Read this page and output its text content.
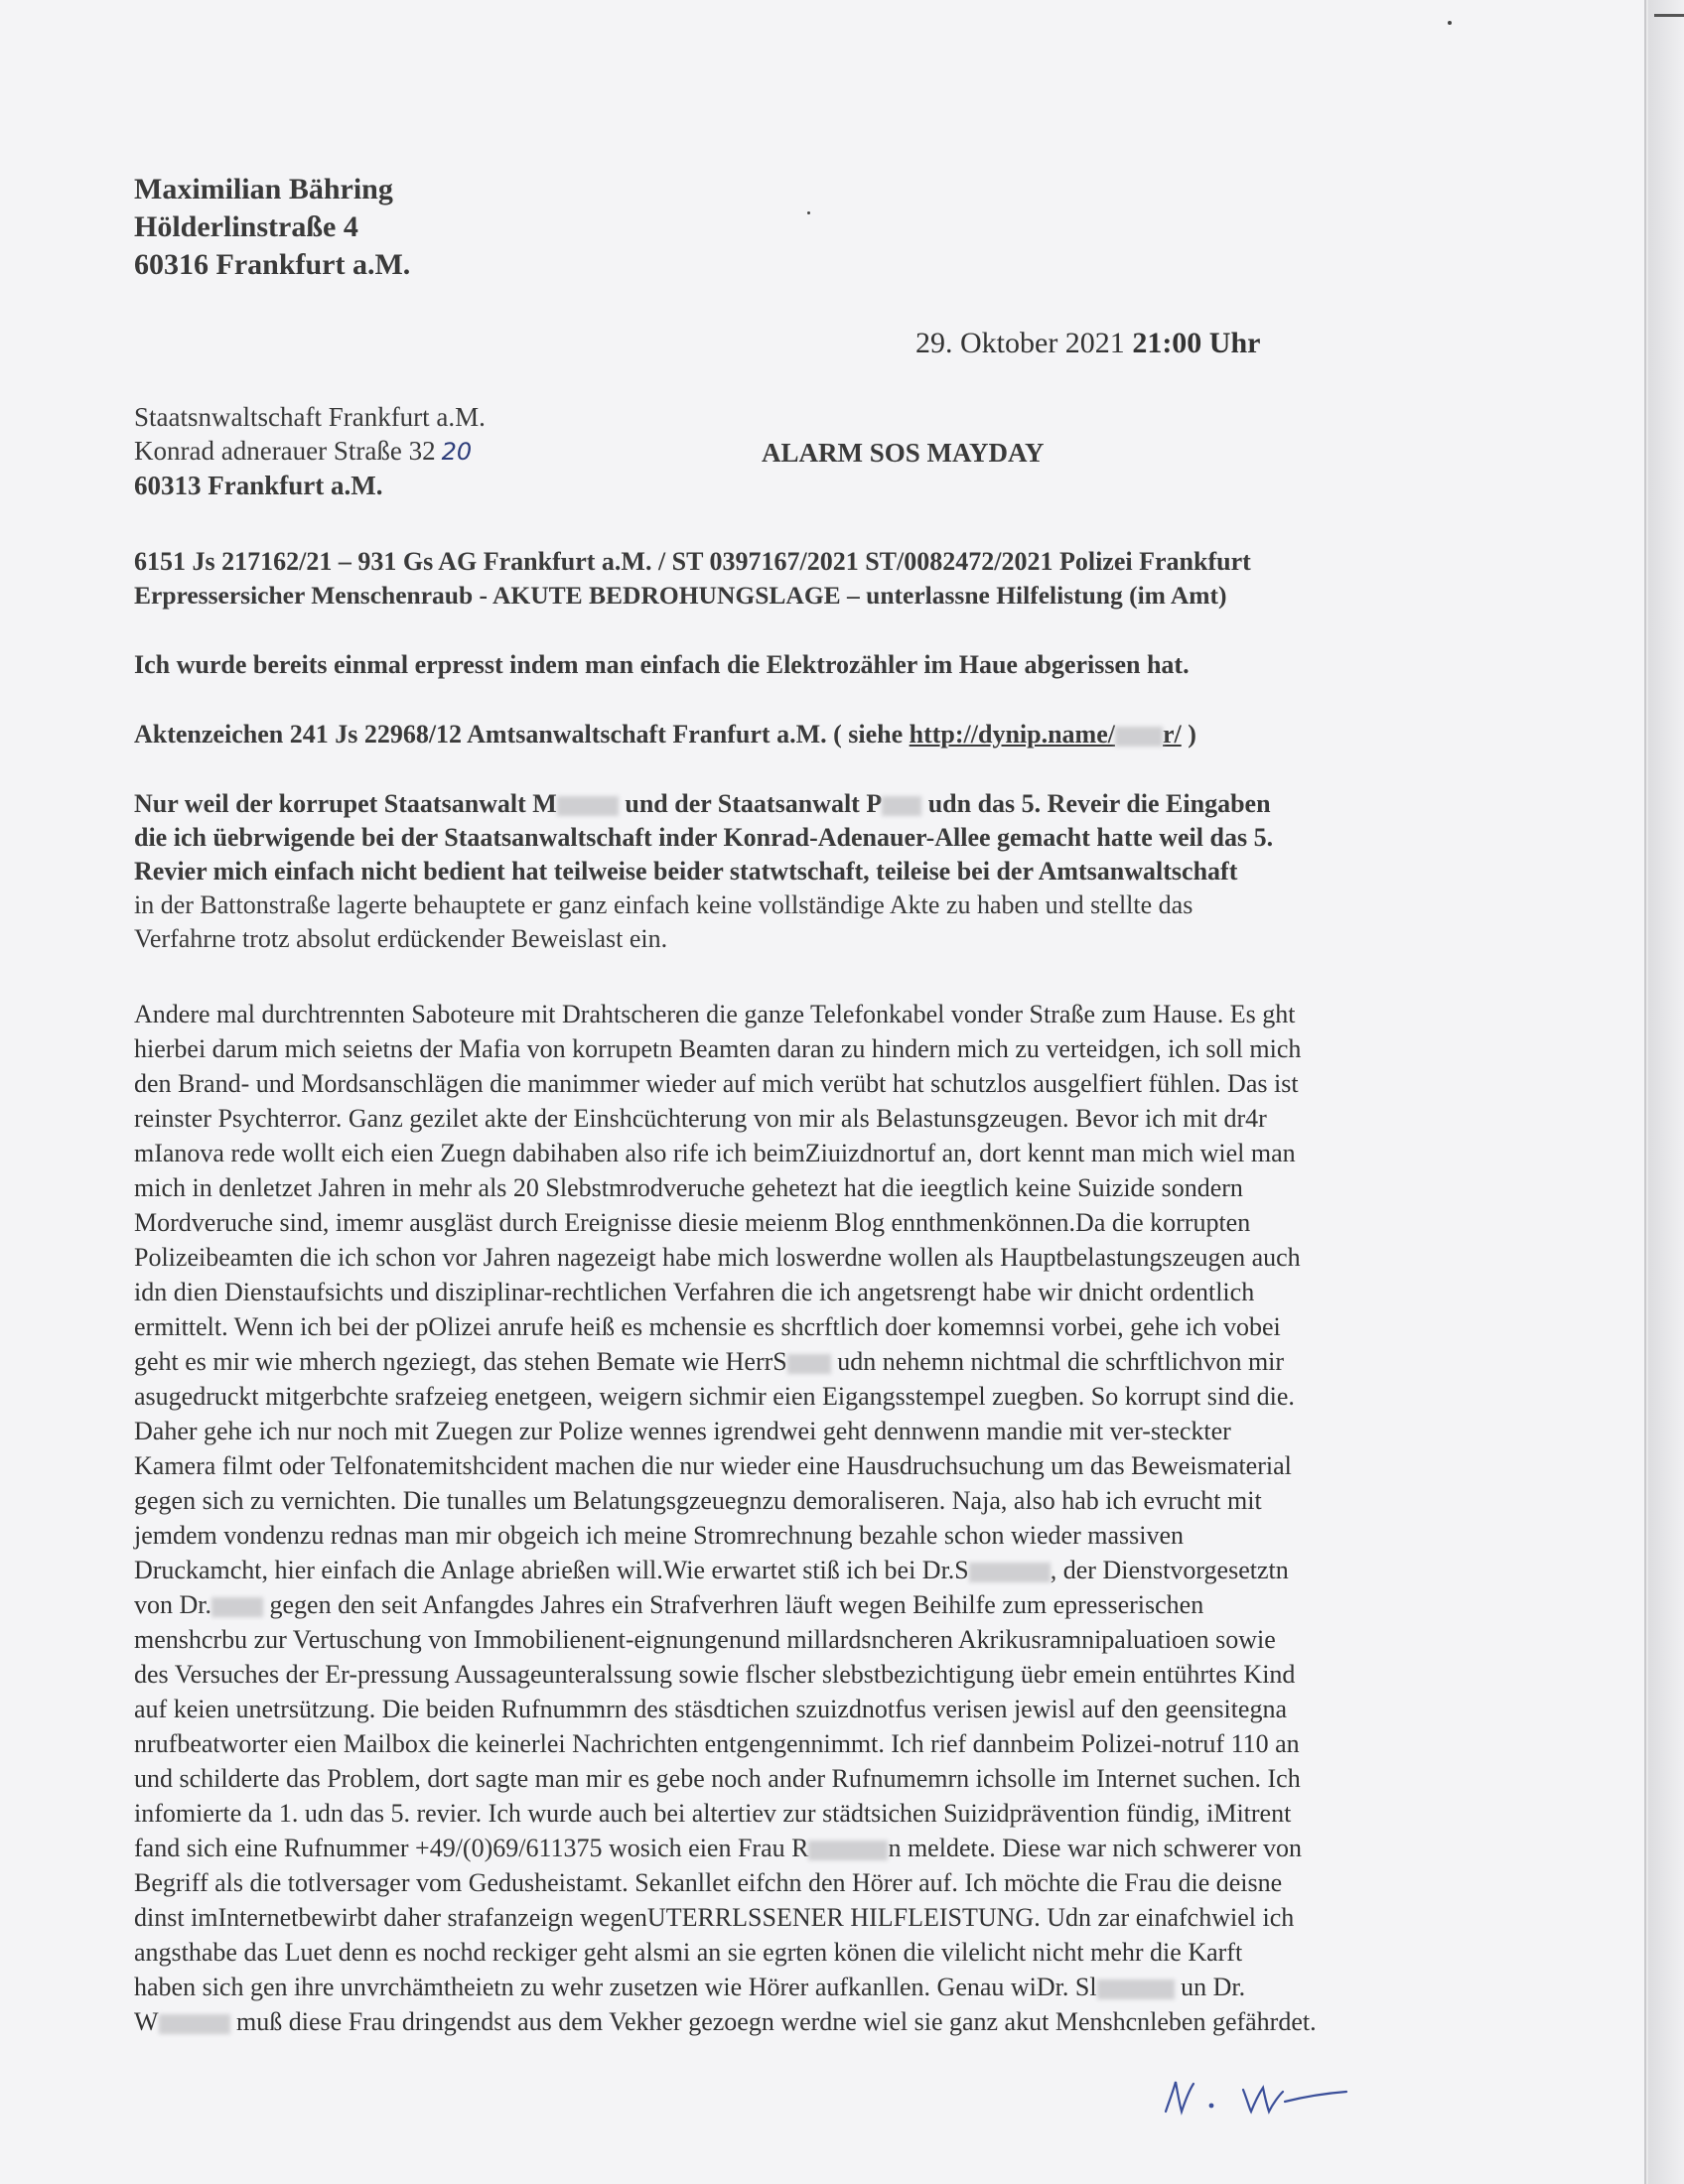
Maximilian Bähring
Hölderlinstraße 4
60316 Frankfurt a.M.
29. Oktober 2021 21:00 Uhr
Staatsnwaltschaft Frankfurt a.M.
Konrad adnerauer Straße 32 20
60313 Frankfurt a.M.
ALARM SOS MAYDAY
6151 Js 217162/21 – 931 Gs AG Frankfurt a.M. / ST 0397167/2021 ST/0082472/2021 Polizei Frankfurt
Erpressersicher Menschenraub - AKUTE BEDROHUNGSLAGE – unterlassne Hilfelistung (im Amt)
Ich wurde bereits einmal erpresst indem man einfach die Elektrozähler im Haue abgerissen hat.
Aktenzeichen 241 Js 22968/12 Amtsanwaltschaft Franfurt a.M. ( siehe http://dynip.name/ r/ )
Nur weil der korrupet Staatsanwalt M und der Staatsanwalt P udn das 5. Reveir die Eingaben
die ich üebrwigende bei der Staatsanwaltschaft inder Konrad-Adenauer-Allee gemacht hatte weil das 5.
Revier mich einfach nicht bedient hat teilweise beider statwtschaft, teileise bei der Amtsanwaltschaft
in der Battonstraße lagerte behauptete er ganz einfach keine vollständige Akte zu haben und stellte das
Verfahrne trotz absolut erdückender Beweislast ein.
Andere mal durchtrennten Saboteure mit Drahtscheren die ganze Telefonkabel vonder Straße zum Hause. Es ght
hierbei darum mich seietns der Mafia von korrupetn Beamten daran zu hindern mich zu verteidgen, ich soll mich
den Brand- und Mordsanschlägen die manimmer wieder auf mich verübt hat schutzlos ausgelfiert fühlen. Das ist
reinster Psychterror. Ganz gezilet akte der Einshcüchterung von mir als Belastunsgzeugen. Bevor ich mit dr4r
mIanova rede wollt eich eien Zuegn dabihaben also rife ich beimZiuizdnortuf an, dort kennt man mich wiel man
mich in denletzet Jahren in mehr als 20 Slebstmrodveruche gehetezt hat die ieegtlich keine Suizide sondern
Mordveruche sind, imemr ausgläst durch Ereignisse diesie meienm Blog ennthmenkönnen.Da die korrupten
Polizeibeamten die ich schon vor Jahren nagezeigt habe mich loswerdne wollen als Hauptbelastungszeugen auch
idn dien Dienstaufsichts und disziplinar-rechtlichen Verfahren die ich angetsrengt habe wir dnicht ordentlich
ermittelt. Wenn ich bei der pOlizei anrufe heiß es mchensie es shcrftlich doer komemnsi vorbei, gehe ich vobei
geht es mir wie mherch ngeziegt, das stehen Bemate wie HerrS udn nehemn nichtmal die schrftlichvon mir
asugedruckt mitgerbchte srafzeieg enetgeen, weigern sichmir eien Eigangsstempel zuegben. So korrupt sind die.
Daher gehe ich nur noch mit Zuegen zur Polize wennes igrendwei geht dennwenn mandie mit ver-steckter
Kamera filmt oder Telfonatemitshcident machen die nur wieder eine Hausdruchsuchung um das Beweismaterial
gegen sich zu vernichten. Die tunalles um Belatungsgzeuegnzu demoraliseren. Naja, also hab ich evrucht mit
jemdem vondenzu rednas man mir obgeich ich meine Stromrechnung bezahle schon wieder massiven
Druckamcht, hier einfach die Anlage abrießen will.Wie erwartet stiß ich bei Dr.S	, der Dienstvorgesetztn
von Dr. gegen den seit Anfangdes Jahres ein Strafverhren läuft wegen Beihilfe zum epresserischen
menshcrbu zur Vertuschung von Immobilienent-eignungenund millardsncheren Akrikusramnipaluatioen sowie
des Versuches der Er-pressung Aussageunteralssung sowie flscher slebstbezichtigung üebr emein entührtes Kind
auf keien unetrsützung. Die beiden Rufnummrn des stäsdtichen szuizdnotfus verisen jewisl auf den geensitegna
nrufbeatworter eien Mailbox die keinerlei Nachrichten entgengennimmt. Ich rief dannbeim Polizei-notruf 110 an
und schilderte das Problem, dort sagte man mir es gebe noch ander Rufnumemrn ichsolle im Internet suchen. Ich
infomierte da 1. udn das 5. revier. Ich wurde auch bei altertiev zur städtsichen Suizidprävention fündig, iMitrent
fand sich eine Rufnummer +49/(0)69/611375 wosich eien Frau R	n meldete. Diese war nich schwerer von
Begriff als die totlversager vom Gedusheistamt. Sekanllet eifchn den Hörer auf. Ich möchte die Frau die deisne
dinst imInternetbewirbt daher strafanzeign wegenUTERRLSSENER HILFLEISTUNG. Udn zar einafchwiel ich
angsthabe das Luet denn es nochd reckiger geht alsmi an sie egrten könen die vilelicht nicht mehr die Karft
haben sich gen ihre unvrchämtheietn zu wehr zusetzen wie Hörer aufkanllen. Genau wiDr. Sl	un Dr.
W	muß diese Frau dringendst aus dem Vekher gezoegn werdne wiel sie ganz akut Menshcnleben gefährdet.
